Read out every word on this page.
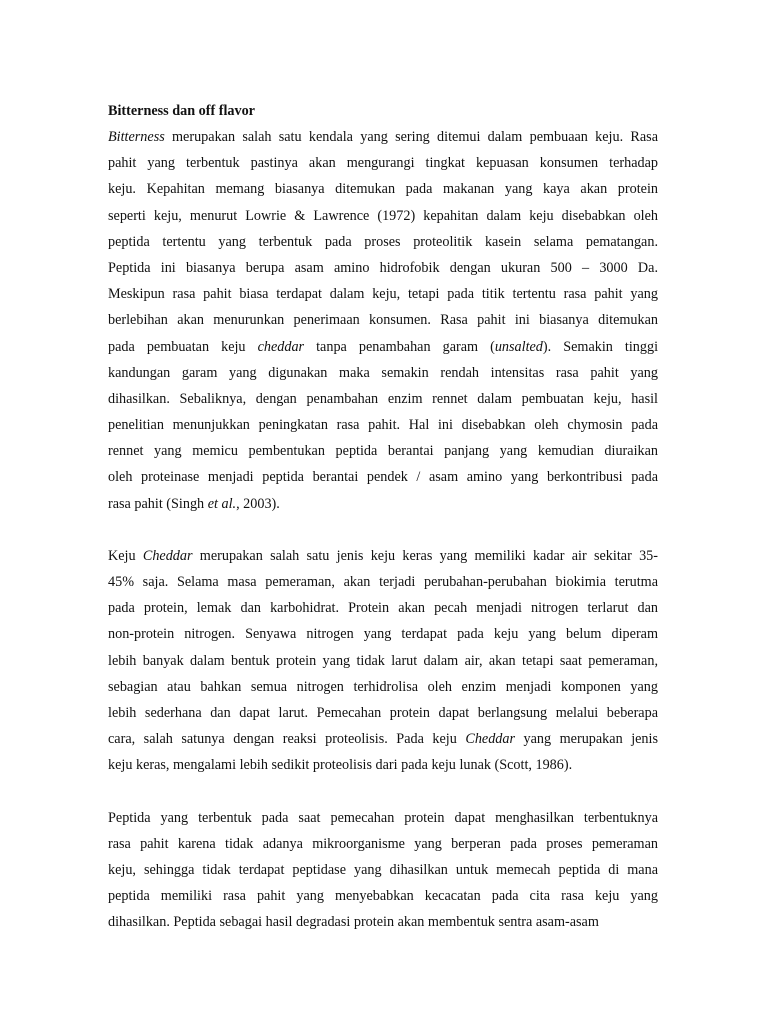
Bitterness dan off flavor
Bitterness merupakan salah satu kendala yang sering ditemui dalam pembuaan keju. Rasa
pahit yang terbentuk pastinya akan mengurangi tingkat kepuasan konsumen terhadap
keju. Kepahitan memang biasanya ditemukan pada makanan yang kaya akan protein
seperti keju, menurut Lowrie & Lawrence (1972) kepahitan dalam keju disebabkan oleh
peptida tertentu yang terbentuk pada proses proteolitik kasein selama pematangan.
Peptida ini biasanya berupa asam amino hidrofobik dengan ukuran 500 – 3000 Da.
Meskipun rasa pahit biasa terdapat dalam keju, tetapi pada titik tertentu rasa pahit yang
berlebihan akan menurunkan penerimaan konsumen. Rasa pahit ini biasanya ditemukan
pada pembuatan keju cheddar tanpa penambahan garam (unsalted). Semakin tinggi
kandungan garam yang digunakan maka semakin rendah intensitas rasa pahit yang
dihasilkan. Sebaliknya, dengan penambahan enzim rennet dalam pembuatan keju, hasil
penelitian menunjukkan peningkatan rasa pahit. Hal ini disebabkan oleh chymosin pada
rennet yang memicu pembentukan peptida berantai panjang yang kemudian diuraikan
oleh proteinase menjadi peptida berantai pendek / asam amino yang berkontribusi pada
rasa pahit (Singh et al., 2003).
Keju Cheddar merupakan salah satu jenis keju keras yang memiliki kadar air sekitar 35-
45% saja. Selama masa pemeraman, akan terjadi perubahan-perubahan biokimia terutma
pada protein, lemak dan karbohidrat. Protein akan pecah menjadi nitrogen terlarut dan
non-protein nitrogen. Senyawa nitrogen yang terdapat pada keju yang belum diperam
lebih banyak dalam bentuk protein yang tidak larut dalam air, akan tetapi saat pemeraman,
sebagian atau bahkan semua nitrogen terhidrolisa oleh enzim menjadi komponen yang
lebih sederhana dan dapat larut. Pemecahan protein dapat berlangsung melalui beberapa
cara, salah satunya dengan reaksi proteolisis. Pada keju Cheddar yang merupakan jenis
keju keras, mengalami lebih sedikit proteolisis dari pada keju lunak (Scott, 1986).
Peptida yang terbentuk pada saat pemecahan protein dapat menghasilkan terbentuknya
rasa pahit karena tidak adanya mikroorganisme yang berperan pada proses pemeraman
keju, sehingga tidak terdapat peptidase yang dihasilkan untuk memecah peptida di mana
peptida memiliki rasa pahit yang menyebabkan kecacatan pada cita rasa keju yang
dihasilkan. Peptida sebagai hasil degradasi protein akan membentuk sentra asam-asam
